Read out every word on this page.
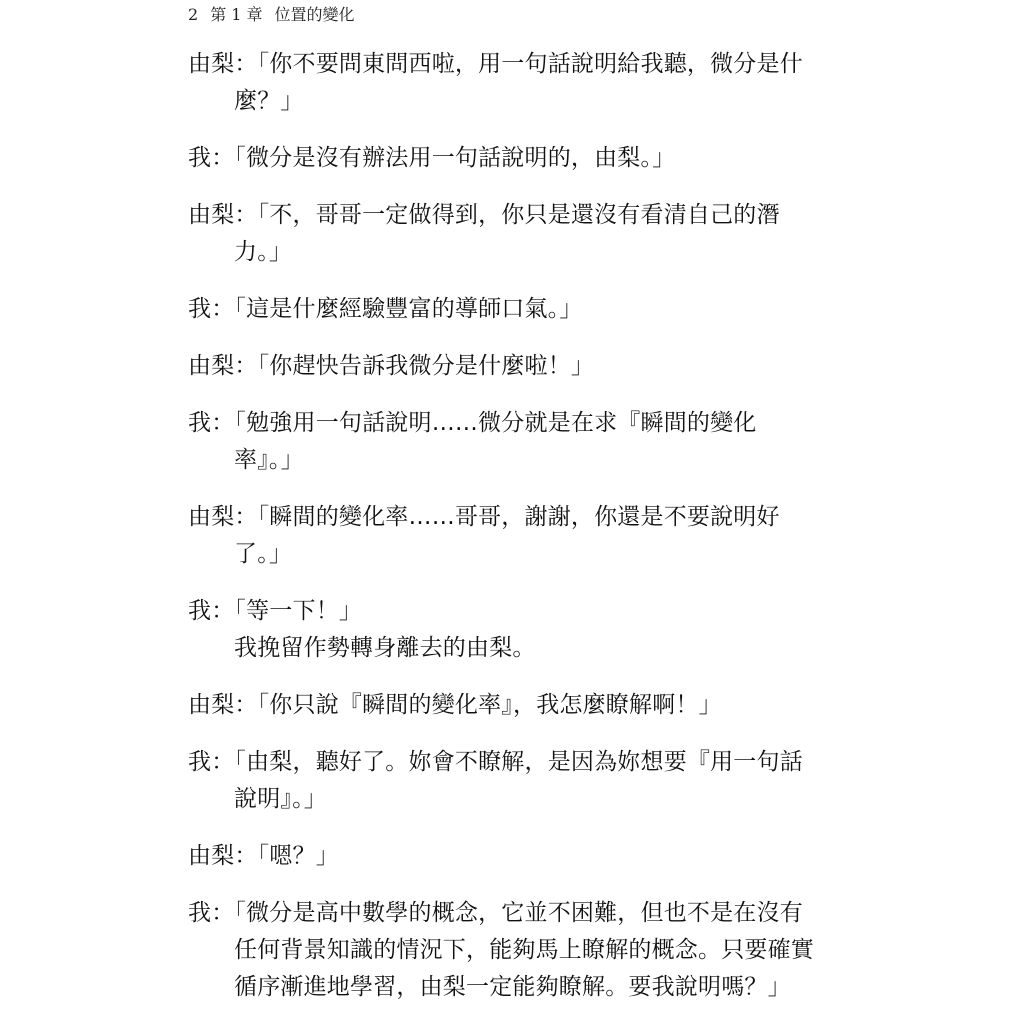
2 第 1 章 位置的變化

由梨：「你不要問東問西啦，用一句話說明給我聽，微分是什
麼？」

我：「微分是沒有辦法用一句話說明的，由梨。」

由梨：「不，哥哥一定做得到，你只是還沒有看清自己的潛
力。」

我：「這是什麼經驗豐富的導師口氣。」

由梨：「你趕快告訴我微分是什麼啦！」

我：「勉強用一句話說明……微分就是在求『瞬間的變化
率』。」

由梨：「瞬間的變化率……哥哥，謝謝，你還是不要說明好
了。」

我：「等一下！」
我挽留作勢轉身離去的由梨。

由梨：「你只說『瞬間的變化率』，我怎麼瞭解啊！」

我：「由梨，聽好了。妳會不瞭解，是因為妳想要『用一句話
說明』。」

由梨：「嗯？」

我：「微分是高中數學的概念，它並不困難，但也不是在沒有
任何背景知識的情況下，能夠馬上瞭解的概念。只要確實
循序漸進地學習，由梨一定能夠瞭解。要我說明嗎？」
